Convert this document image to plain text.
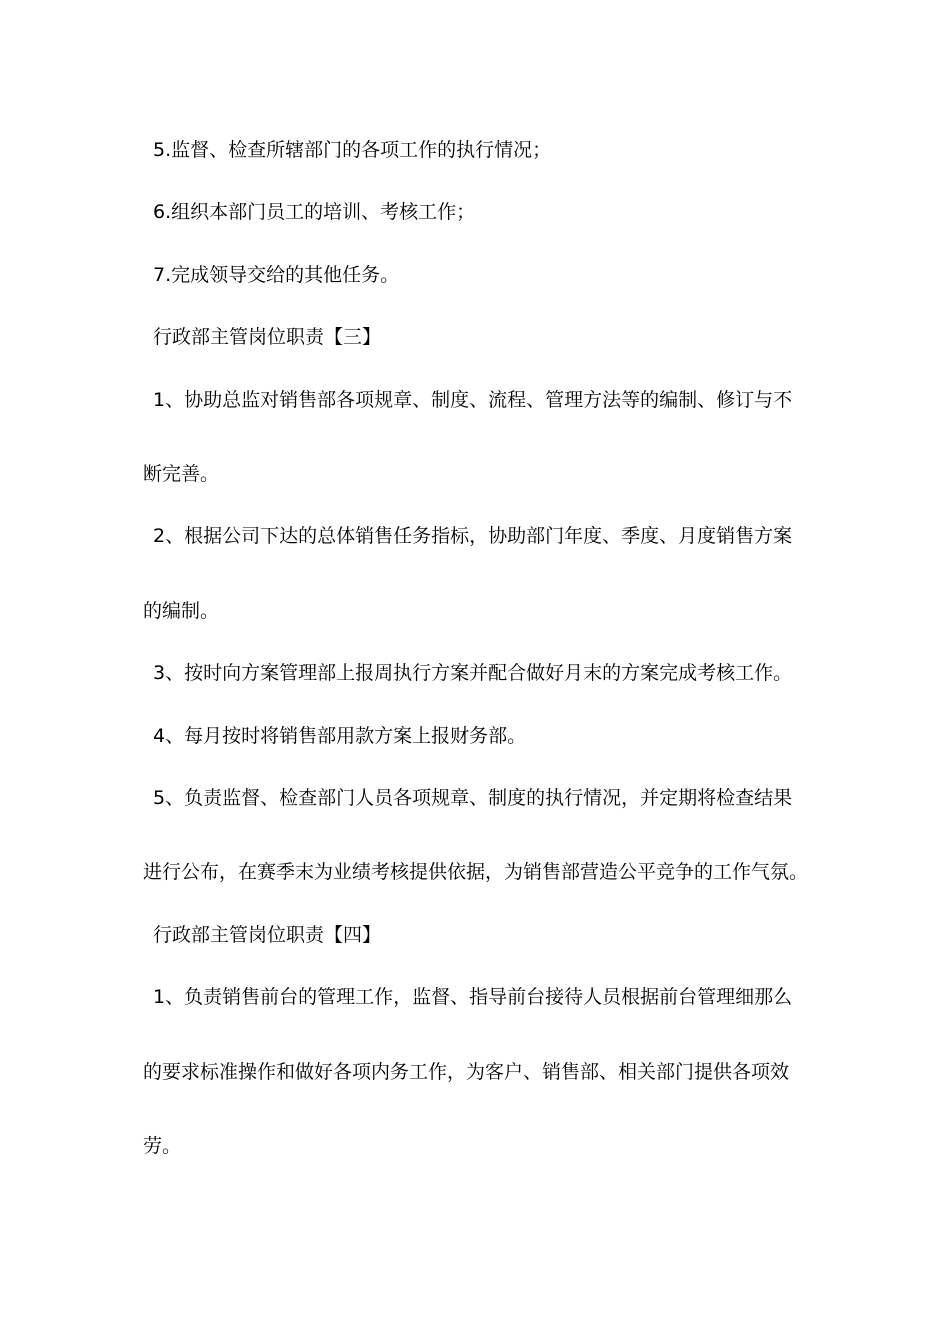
5.监督、检查所辖部门的各项工作的执行情况；
6.组织本部门员工的培训、考核工作；
7.完成领导交给的其他任务。
行政部主管岗位职责【三】
1、协助总监对销售部各项规章、制度、流程、管理方法等的编制、修订与不
断完善。
2、根据公司下达的总体销售任务指标，协助部门年度、季度、月度销售方案
的编制。
3、按时向方案管理部上报周执行方案并配合做好月末的方案完成考核工作。
4、每月按时将销售部用款方案上报财务部。
5、负责监督、检查部门人员各项规章、制度的执行情况，并定期将检查结果
进行公布，在赛季末为业绩考核提供依据，为销售部营造公平竞争的工作气氛。
行政部主管岗位职责【四】
1、负责销售前台的管理工作，监督、指导前台接待人员根据前台管理细那么
的要求标准操作和做好各项内务工作，为客户、销售部、相关部门提供各项效
劳。
